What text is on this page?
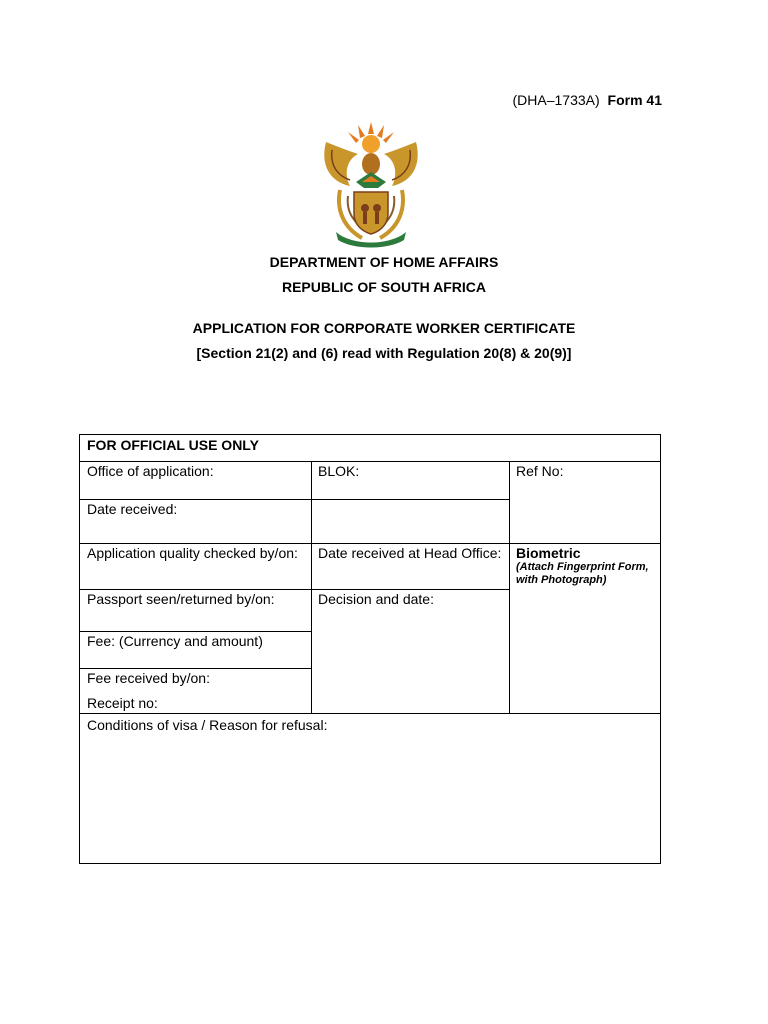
(DHA–1733A) Form 41
DEPARTMENT OF HOME AFFAIRS
REPUBLIC OF SOUTH AFRICA
APPLICATION FOR CORPORATE WORKER CERTIFICATE
[Section 21(2) and (6) read with Regulation 20(8) & 20(9)]
FOR OFFICIAL USE ONLY
Office of application:	BLOK:	Ref No:
Date received:
Application quality checked by/on:	Date received at Head Office:	Biometric
(Attach Fingerprint Form, with Photograph)
Passport seen/returned by/on:	Decision and date:
Fee: (Currency and amount)
Fee received by/on:
Receipt no:
Conditions of visa / Reason for refusal:
